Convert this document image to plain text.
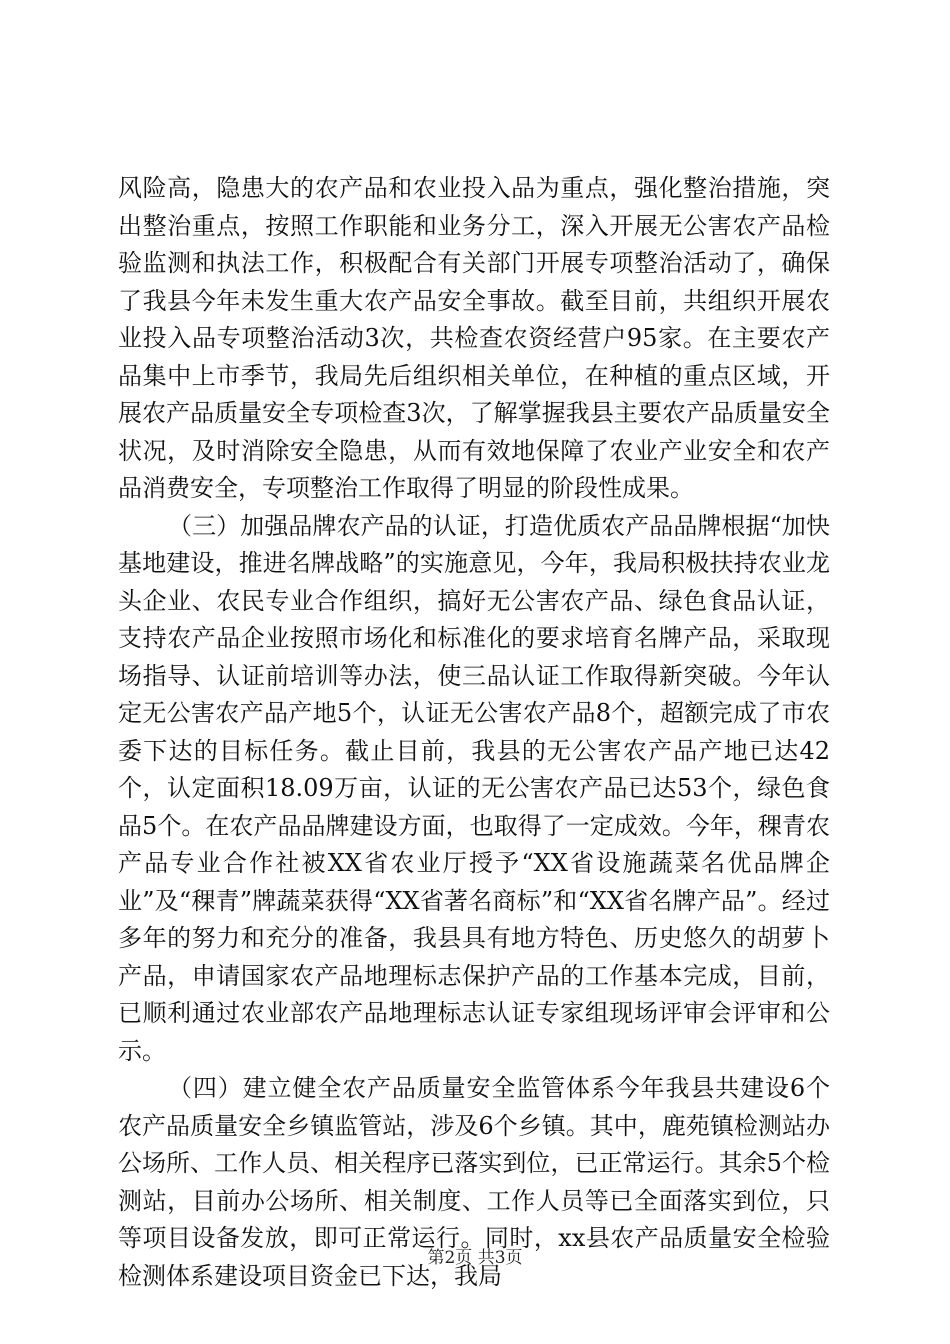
风险高，隐患大的农产品和农业投入品为重点，强化整治措施，突出整治重点，按照工作职能和业务分工，深入开展无公害农产品检验监测和执法工作，积极配合有关部门开展专项整治活动了，确保了我县今年未发生重大农产品安全事故。截至目前，共组织开展农业投入品专项整治活动3次，共检查农资经营户95家。在主要农产品集中上市季节，我局先后组织相关单位，在种植的重点区域，开展农产品质量安全专项检查3次，了解掌握我县主要农产品质量安全状况，及时消除安全隐患，从而有效地保障了农业产业安全和农产品消费安全，专项整治工作取得了明显的阶段性成果。

（三）加强品牌农产品的认证，打造优质农产品品牌根据“加快基地建设，推进名牌战略”的实施意见，今年，我局积极扶持农业龙头企业、农民专业合作组织，搞好无公害农产品、绿色食品认证，支持农产品企业按照市场化和标准化的要求培育名牌产品，采取现场指导、认证前培训等办法，使三品认证工作取得新突破。今年认定无公害农产品产地5个，认证无公害农产品8个，超额完成了市农委下达的目标任务。截止目前，我县的无公害农产品产地已达42个，认定面积18.09万亩，认证的无公害农产品已达53个，绿色食品5个。在农产品品牌建设方面，也取得了一定成效。今年，稞青农产品专业合作社被XX省农业厅授予“XX省设施蔬菜名优品牌企业”及“稞青”牌蔬菜获得“XX省著名商标”和“XX省名牌产品”。经过多年的努力和充分的准备，我县具有地方特色、历史悠久的胡萝卜产品，申请国家农产品地理标志保护产品的工作基本完成，目前，已顺利通过农业部农产品地理标志认证专家组现场评审会评审和公示。

（四）建立健全农产品质量安全监管体系今年我县共建设6个农产品质量安全乡镇监管站，涉及6个乡镇。其中，鹿苑镇检测站办公场所、工作人员、相关程序已落实到位，已正常运行。其余5个检测站，目前办公场所、相关制度、工作人员等已全面落实到位，只等项目设备发放，即可正常运行。同时，xx县农产品质量安全检验检测体系建设项目资金已下达，我局

第2页 共3页
